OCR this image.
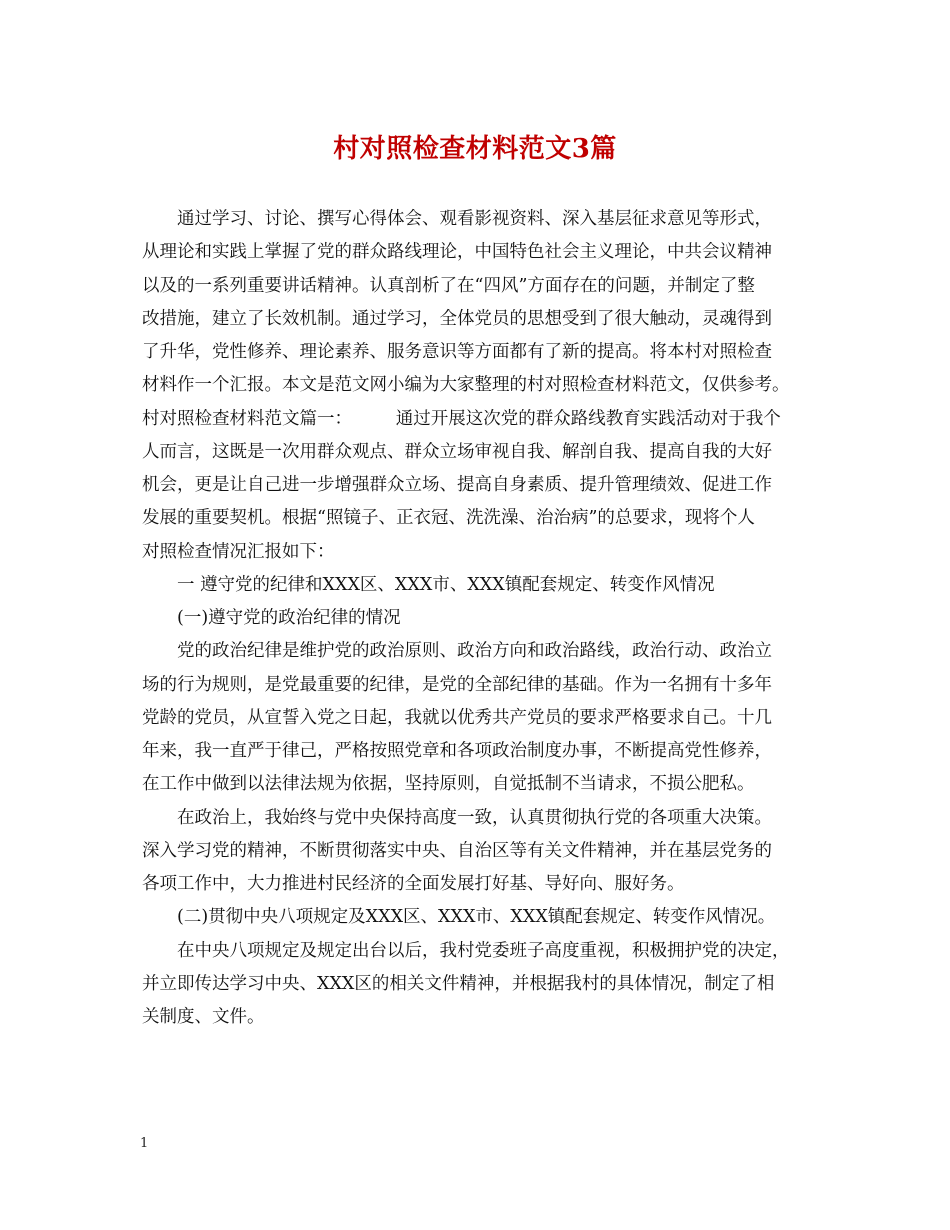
村对照检查材料范文3篇
　　通过学习、讨论、撰写心得体会、观看影视资料、深入基层征求意见等形式，
从理论和实践上掌握了党的群众路线理论，中国特色社会主义理论，中共会议精神
以及的一系列重要讲话精神。认真剖析了在“四风”方面存在的问题，并制定了整
改措施，建立了长效机制。通过学习，全体党员的思想受到了很大触动，灵魂得到
了升华，党性修养、理论素养、服务意识等方面都有了新的提高。将本村对照检查
材料作一个汇报。本文是范文网小编为大家整理的村对照检查材料范文，仅供参考。
村对照检查材料范文篇一：　　　通过开展这次党的群众路线教育实践活动对于我个
人而言，这既是一次用群众观点、群众立场审视自我、解剖自我、提高自我的大好
机会，更是让自己进一步增强群众立场、提高自身素质、提升管理绩效、促进工作
发展的重要契机。根据“照镜子、正衣冠、洗洗澡、治治病”的总要求，现将个人
对照检查情况汇报如下：
　　一 遵守党的纪律和XXX区、XXX市、XXX镇配套规定、转变作风情况
　　(一)遵守党的政治纪律的情况
　　党的政治纪律是维护党的政治原则、政治方向和政治路线，政治行动、政治立
场的行为规则，是党最重要的纪律，是党的全部纪律的基础。作为一名拥有十多年
党龄的党员，从宣誓入党之日起，我就以优秀共产党员的要求严格要求自己。十几
年来，我一直严于律己，严格按照党章和各项政治制度办事，不断提高党性修养，
在工作中做到以法律法规为依据，坚持原则，自觉抵制不当请求，不损公肥私。
　　在政治上，我始终与党中央保持高度一致，认真贯彻执行党的各项重大决策。
深入学习党的精神，不断贯彻落实中央、自治区等有关文件精神，并在基层党务的
各项工作中，大力推进村民经济的全面发展打好基、导好向、服好务。
　　(二)贯彻中央八项规定及XXX区、XXX市、XXX镇配套规定、转变作风情况。
　　在中央八项规定及规定出台以后，我村党委班子高度重视，积极拥护党的决定，
并立即传达学习中央、XXX区的相关文件精神，并根据我村的具体情况，制定了相
关制度、文件。
1
